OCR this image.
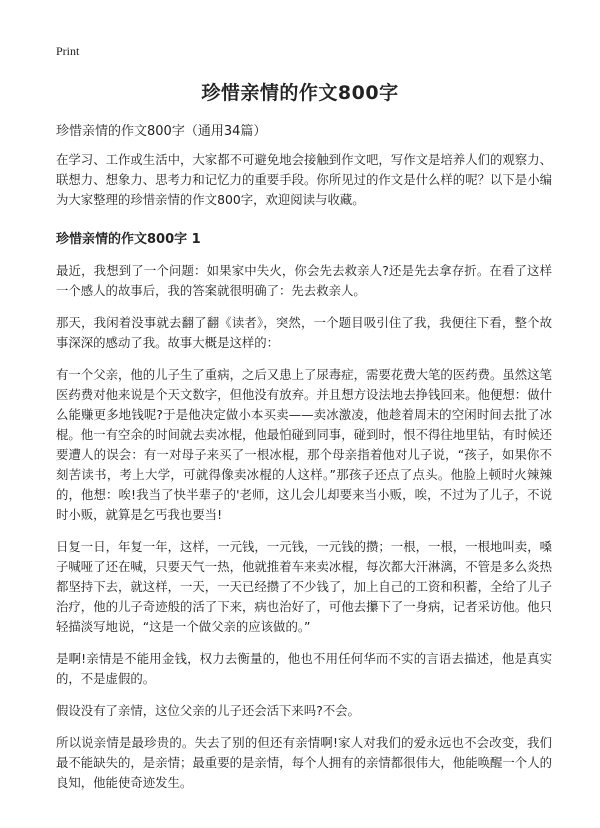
Print
珍惜亲情的作文800字

珍惜亲情的作文800字（通用34篇）

在学习、工作或生活中，大家都不可避免地会接触到作文吧，写作文是培养人们的观察力、联想力、想象力、思考力和记忆力的重要手段。你所见过的作文是什么样的呢？以下是小编为大家整理的珍惜亲情的作文800字，欢迎阅读与收藏。

珍惜亲情的作文800字 1

最近，我想到了一个问题：如果家中失火，你会先去救亲人?还是先去拿存折。在看了这样一个感人的故事后，我的答案就很明确了：先去救亲人。

那天，我闲着没事就去翻了翻《读者》，突然，一个题目吸引住了我，我便往下看，整个故事深深的感动了我。故事大概是这样的：

有一个父亲，他的儿子生了重病，之后又患上了尿毒症，需要花费大笔的医药费。虽然这笔医药费对他来说是个天文数字，但他没有放弃。并且想方设法地去挣钱回来。他便想：做什么能赚更多地钱呢?于是他决定做小本买卖——卖冰激凌，他趁着周末的空闲时间去批了冰棍。他一有空余的时间就去卖冰棍，他最怕碰到同事，碰到时，恨不得往地里钻，有时候还要遭人的误会：有一对母子来买了一根冰棍，那个母亲指着他对儿子说，“孩子，如果你不刻苦读书，考上大学，可就得像卖冰棍的人这样。”那孩子还点了点头。他脸上顿时火辣辣的，他想：唉!我当了快半辈子的'老师，这儿会儿却要来当小贩，唉，不过为了儿子，不说时小贩，就算是乞丐我也要当!

日复一日，年复一年，这样，一元钱，一元钱，一元钱的攒；一根，一根，一根地叫卖，嗓子喊哑了还在喊，只要天气一热，他就推着车来卖冰棍，每次都大汗淋漓，不管是多么炎热都坚持下去，就这样，一天，一天已经攒了不少钱了，加上自己的工资和积蓄，全给了儿子治疗，他的儿子奇迹般的活了下来，病也治好了，可他去攥下了一身病，记者采访他。他只轻描淡写地说，“这是一个做父亲的应该做的。”

是啊!亲情是不能用金钱，权力去衡量的，他也不用任何华而不实的言语去描述，他是真实的，不是虚假的。

假设没有了亲情，这位父亲的儿子还会活下来吗?不会。

所以说亲情是最珍贵的。失去了别的但还有亲情啊!家人对我们的爱永远也不会改变，我们最不能缺失的，是亲情；最重要的是亲情，每个人拥有的亲情都很伟大，他能唤醒一个人的良知，他能使奇迹发生。
